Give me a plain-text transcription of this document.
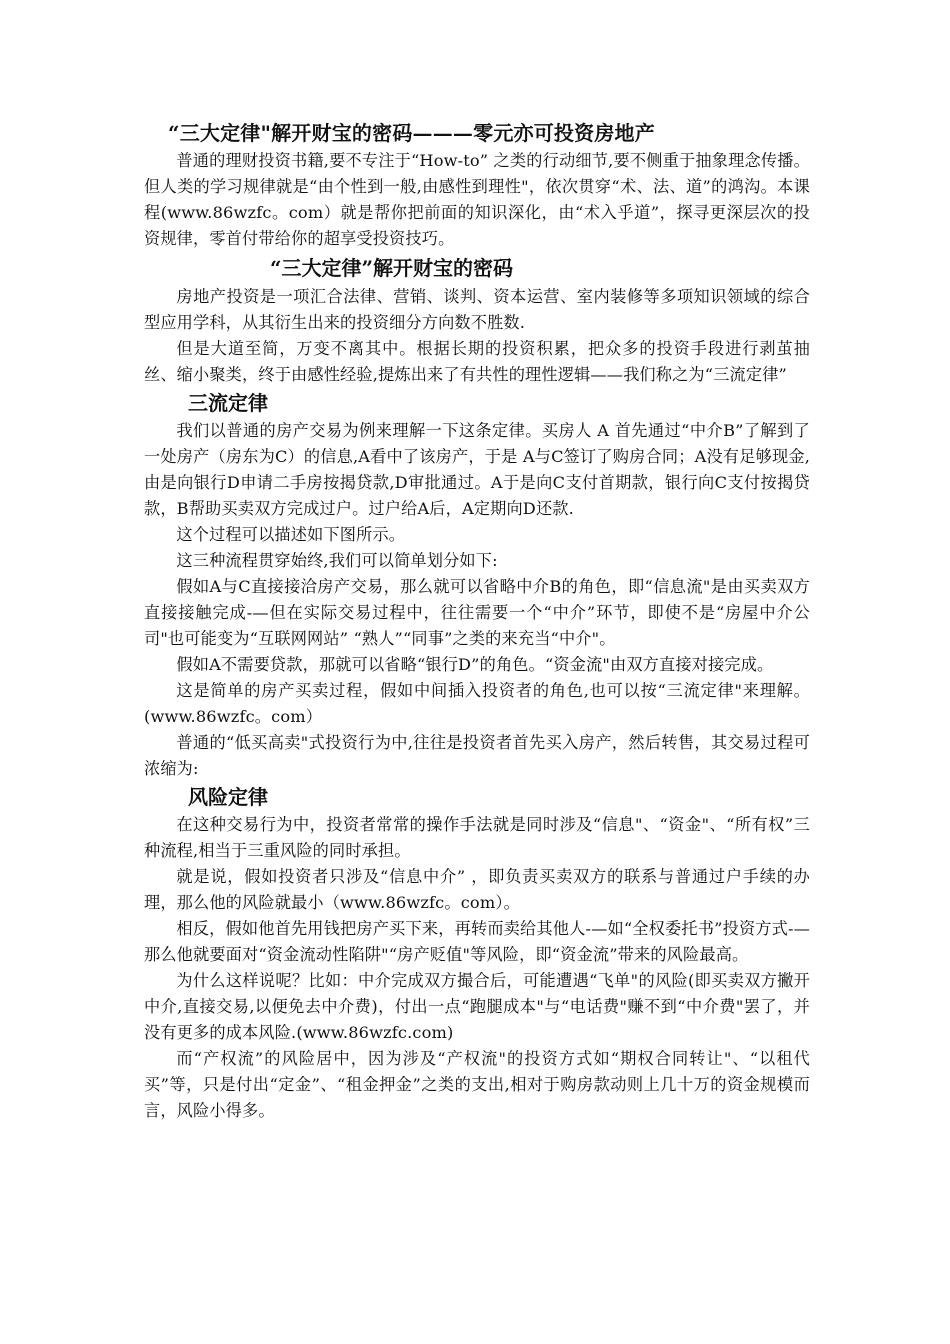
“三大定律"解开财宝的密码———零元亦可投资房地产

普通的理财投资书籍,要不专注于“How-to” 之类的行动细节,要不侧重于抽象理念传播。但人类的学习规律就是“由个性到一般,由感性到理性"，依次贯穿“术、法、道”的鸿沟。本课程(www.86wzfc。com）就是帮你把前面的知识深化，由“术入乎道”，探寻更深层次的投资规律，零首付带给你的超享受投资技巧。

“三大定律”解开财宝的密码

房地产投资是一项汇合法律、营销、谈判、资本运营、室内装修等多项知识领域的综合型应用学科，从其衍生出来的投资细分方向数不胜数.

但是大道至简，万变不离其中。根据长期的投资积累，把众多的投资手段进行剥茧抽丝、缩小聚类，终于由感性经验,提炼出来了有共性的理性逻辑——我们称之为“三流定律”

三流定律

我们以普通的房产交易为例来理解一下这条定律。买房人 A 首先通过“中介B”了解到了一处房产（房东为C）的信息,A看中了该房产，于是 A与C签订了购房合同；A没有足够现金,由是向银行D申请二手房按揭贷款,D审批通过。A于是向C支付首期款，银行向C支付按揭贷款，B帮助买卖双方完成过户。过户给A后，A定期向D还款.

这个过程可以描述如下图所示。

这三种流程贯穿始终,我们可以简单划分如下:

假如A与C直接接洽房产交易，那么就可以省略中介B的角色，即“信息流"是由买卖双方直接接触完成-—但在实际交易过程中，往往需要一个“中介”环节，即使不是“房屋中介公司"也可能变为“互联网网站” “熟人”“同事”之类的来充当“中介"。

假如A不需要贷款，那就可以省略“银行D”的角色。“资金流"由双方直接对接完成。

这是简单的房产买卖过程，假如中间插入投资者的角色,也可以按“三流定律"来理解。(www.86wzfc。com）

普通的“低买高卖"式投资行为中,往往是投资者首先买入房产，然后转售，其交易过程可浓缩为:

风险定律

在这种交易行为中，投资者常常的操作手法就是同时涉及“信息"、“资金"、“所有权”三种流程,相当于三重风险的同时承担。

就是说，假如投资者只涉及“信息中介” ，即负责买卖双方的联系与普通过户手续的办理，那么他的风险就最小（www.86wzfc。com）。

相反，假如他首先用钱把房产买下来，再转而卖给其他人-—如“全权委托书”投资方式-—那么他就要面对“资金流动性陷阱"“房产贬值"等风险，即“资金流”带来的风险最高。

为什么这样说呢？比如：中介完成双方撮合后，可能遭遇“飞单"的风险(即买卖双方撇开中介,直接交易,以便免去中介费)，付出一点“跑腿成本"与“电话费"赚不到“中介费"罢了，并没有更多的成本风险.(www.86wzfc.com)

而“产权流”的风险居中，因为涉及“产权流"的投资方式如“期权合同转让"、“以租代买”等，只是付出“定金”、“租金押金”之类的支出,相对于购房款动则上几十万的资金规模而言，风险小得多。
